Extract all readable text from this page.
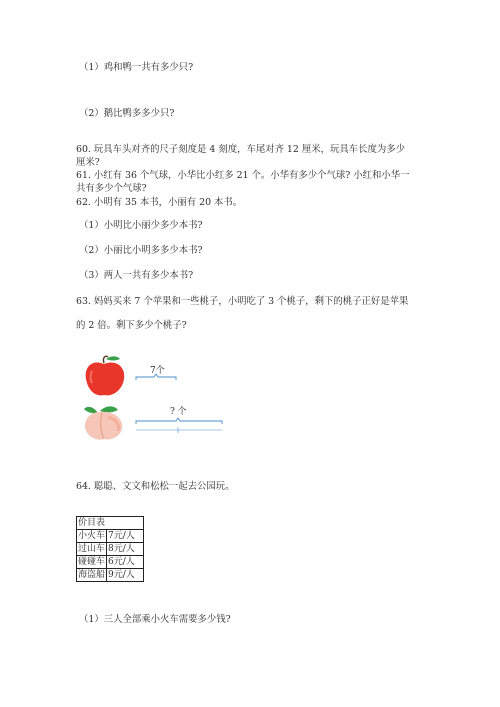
（1）鸡和鸭一共有多少只?
（2）鹅比鸭多多少只?
60. 玩具车头对齐的尺子刻度是 4 刻度，车尾对齐 12 厘米，玩具车长度为多少
厘米?
61. 小红有 36 个气球，小华比小红多 21 个。小华有多少个气球? 小红和小华一
共有多少个气球?
62. 小明有 35 本书，小丽有 20 本书。
（1）小明比小丽少多少本书?
（2）小丽比小明多多少本书?
（3）两人一共有多少本书?
63. 妈妈买来 7 个苹果和一些桃子，小明吃了 3 个桃子，剩下的桃子正好是苹果
的 2 倍。剩下多少个桃子?
7个
? 个
64. 聪聪、文文和松松一起去公园玩。
价目表	
小火车	7元/人
过山车	8元/人
碰碰车	6元/人
海盗船	9元/人
（1）三人全部乘小火车需要多少钱?
